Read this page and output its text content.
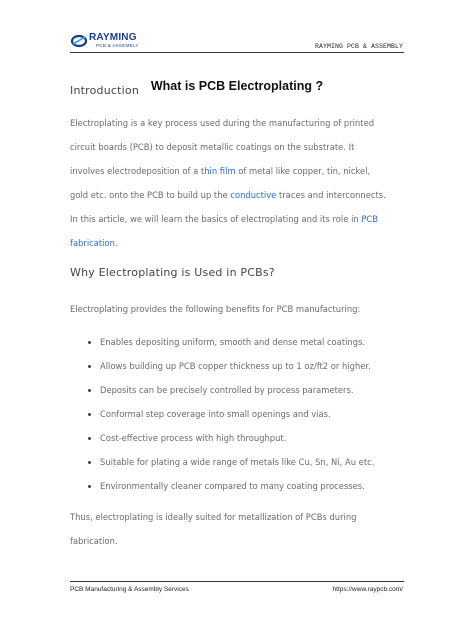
RAYMING
PCB & ASSEMBLY	RAYMING PCB & ASSEMBLY
What is PCB Electroplating ?
Introduction
Electroplating is a key process used during the manufacturing of printed
circuit boards (PCB) to deposit metallic coatings on the substrate. It
involves electrodeposition of a thin film of metal like copper, tin, nickel,
gold etc. onto the PCB to build up the conductive traces and interconnects.
In this article, we will learn the basics of electroplating and its role in PCB
fabrication.
Why Electroplating is Used in PCBs?
Electroplating provides the following benefits for PCB manufacturing:
Enables depositing uniform, smooth and dense metal coatings.
Allows building up PCB copper thickness up to 1 oz/ft2 or higher.
Deposits can be precisely controlled by process parameters.
Conformal step coverage into small openings and vias.
Cost-effective process with high throughput.
Suitable for plating a wide range of metals like Cu, Sn, Ni, Au etc.
Environmentally cleaner compared to many coating processes.
Thus, electroplating is ideally suited for metallization of PCBs during
fabrication.
PCB Manufacturing & Assembly Services	https://www.raypcb.com/
